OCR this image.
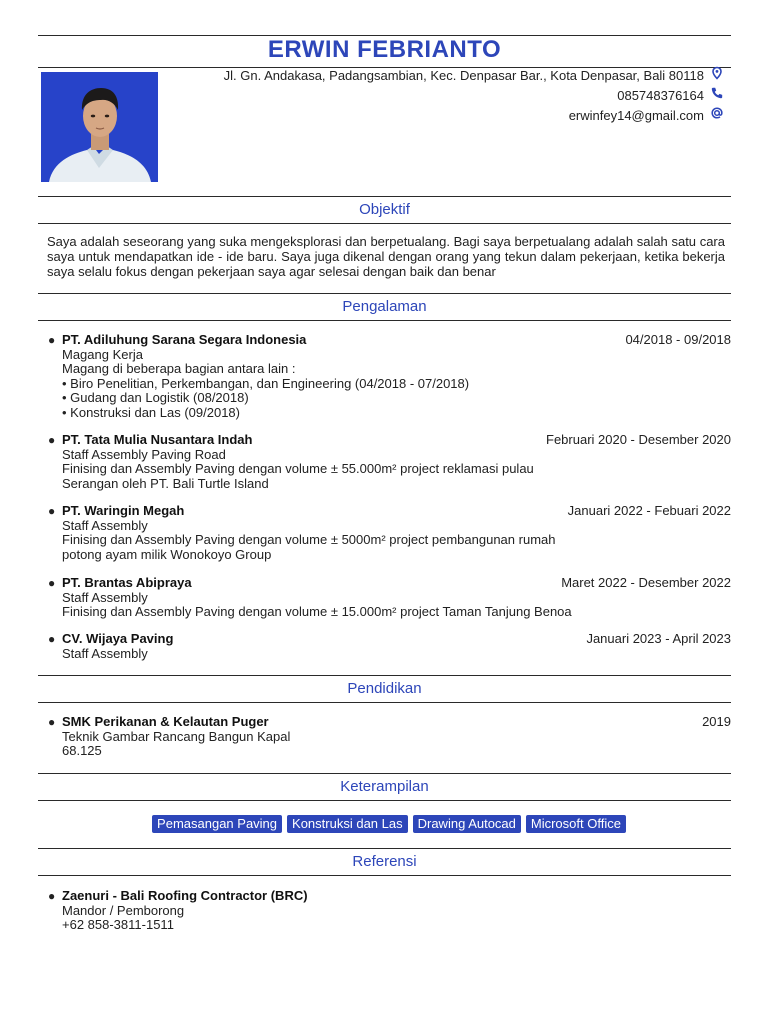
ERWIN FEBRIANTO
Jl. Gn. Andakasa, Padangsambian, Kec. Denpasar Bar., Kota Denpasar, Bali 80118
085748376164
erwinfey14@gmail.com
Objektif
Saya adalah seseorang yang suka mengeksplorasi dan berpetualang. Bagi saya berpetualang adalah salah satu cara saya untuk mendapatkan ide - ide baru. Saya juga dikenal dengan orang yang tekun dalam pekerjaan, ketika bekerja saya selalu fokus dengan pekerjaan saya agar selesai dengan baik dan benar
Pengalaman
●	04/2018 - 09/2018
PT. Adiluhung Sarana Segara Indonesia
Magang Kerja
Magang di beberapa bagian antara lain :
• Biro Penelitian, Perkembangan, dan Engineering (04/2018 - 07/2018)
• Gudang dan Logistik (08/2018)
• Konstruksi dan Las (09/2018)
●	Februari 2020 - Desember 2020
PT. Tata Mulia Nusantara Indah
Staff Assembly Paving Road
Finising dan Assembly Paving dengan volume ± 55.000m² project reklamasi pulau
Serangan oleh PT. Bali Turtle Island
●	Januari 2022 - Febuari 2022
PT. Waringin Megah
Staff Assembly
Finising dan Assembly Paving dengan volume ± 5000m² project pembangunan rumah
potong ayam milik Wonokoyo Group
●	Maret 2022 - Desember 2022
PT. Brantas Abipraya
Staff Assembly
Finising dan Assembly Paving dengan volume ± 15.000m² project Taman Tanjung Benoa
●	Januari 2023 - April 2023
CV. Wijaya Paving
Staff Assembly
Pendidikan
●	2019
SMK Perikanan & Kelautan Puger
Teknik Gambar Rancang Bangun Kapal
68.125
Keterampilan
Pemasangan Paving	Konstruksi dan Las	Drawing Autocad	Microsoft Office
Referensi
● Zaenuri - Bali Roofing Contractor (BRC)
Mandor / Pemborong
+62 858-3811-1511
